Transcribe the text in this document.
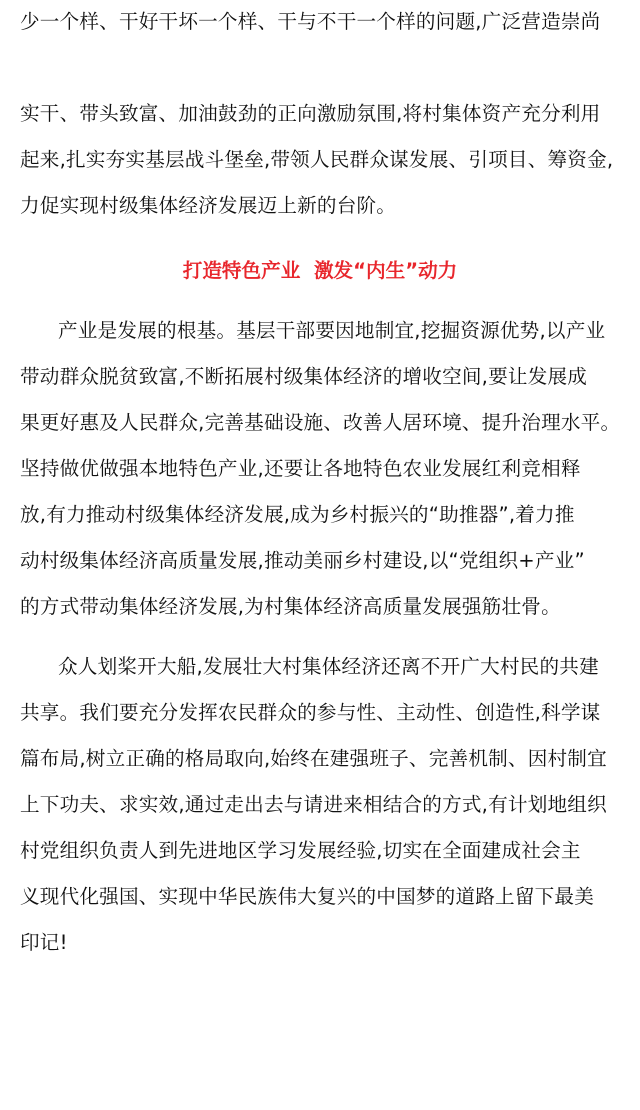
少一个样、干好干坏一个样、干与不干一个样的问题,广泛营造崇尚
实干、带头致富、加油鼓劲的正向激励氛围,将村集体资产充分利用
起来,扎实夯实基层战斗堡垒,带领人民群众谋发展、引项目、筹资金,
力促实现村级集体经济发展迈上新的台阶。
打造特色产业  激发“内生”动力
产业是发展的根基。基层干部要因地制宜,挖掘资源优势,以产业
带动群众脱贫致富,不断拓展村级集体经济的增收空间,要让发展成
果更好惠及人民群众,完善基础设施、改善人居环境、提升治理水平。
坚持做优做强本地特色产业,还要让各地特色农业发展红利竞相释
放,有力推动村级集体经济发展,成为乡村振兴的“助推器”,着力推
动村级集体经济高质量发展,推动美丽乡村建设,以“党组织+产业”
的方式带动集体经济发展,为村集体经济高质量发展强筋壮骨。
众人划桨开大船,发展壮大村集体经济还离不开广大村民的共建
共享。我们要充分发挥农民群众的参与性、主动性、创造性,科学谋
篇布局,树立正确的格局取向,始终在建强班子、完善机制、因村制宜
上下功夫、求实效,通过走出去与请进来相结合的方式,有计划地组织
村党组织负责人到先进地区学习发展经验,切实在全面建成社会主
义现代化强国、实现中华民族伟大复兴的中国梦的道路上留下最美
印记!
